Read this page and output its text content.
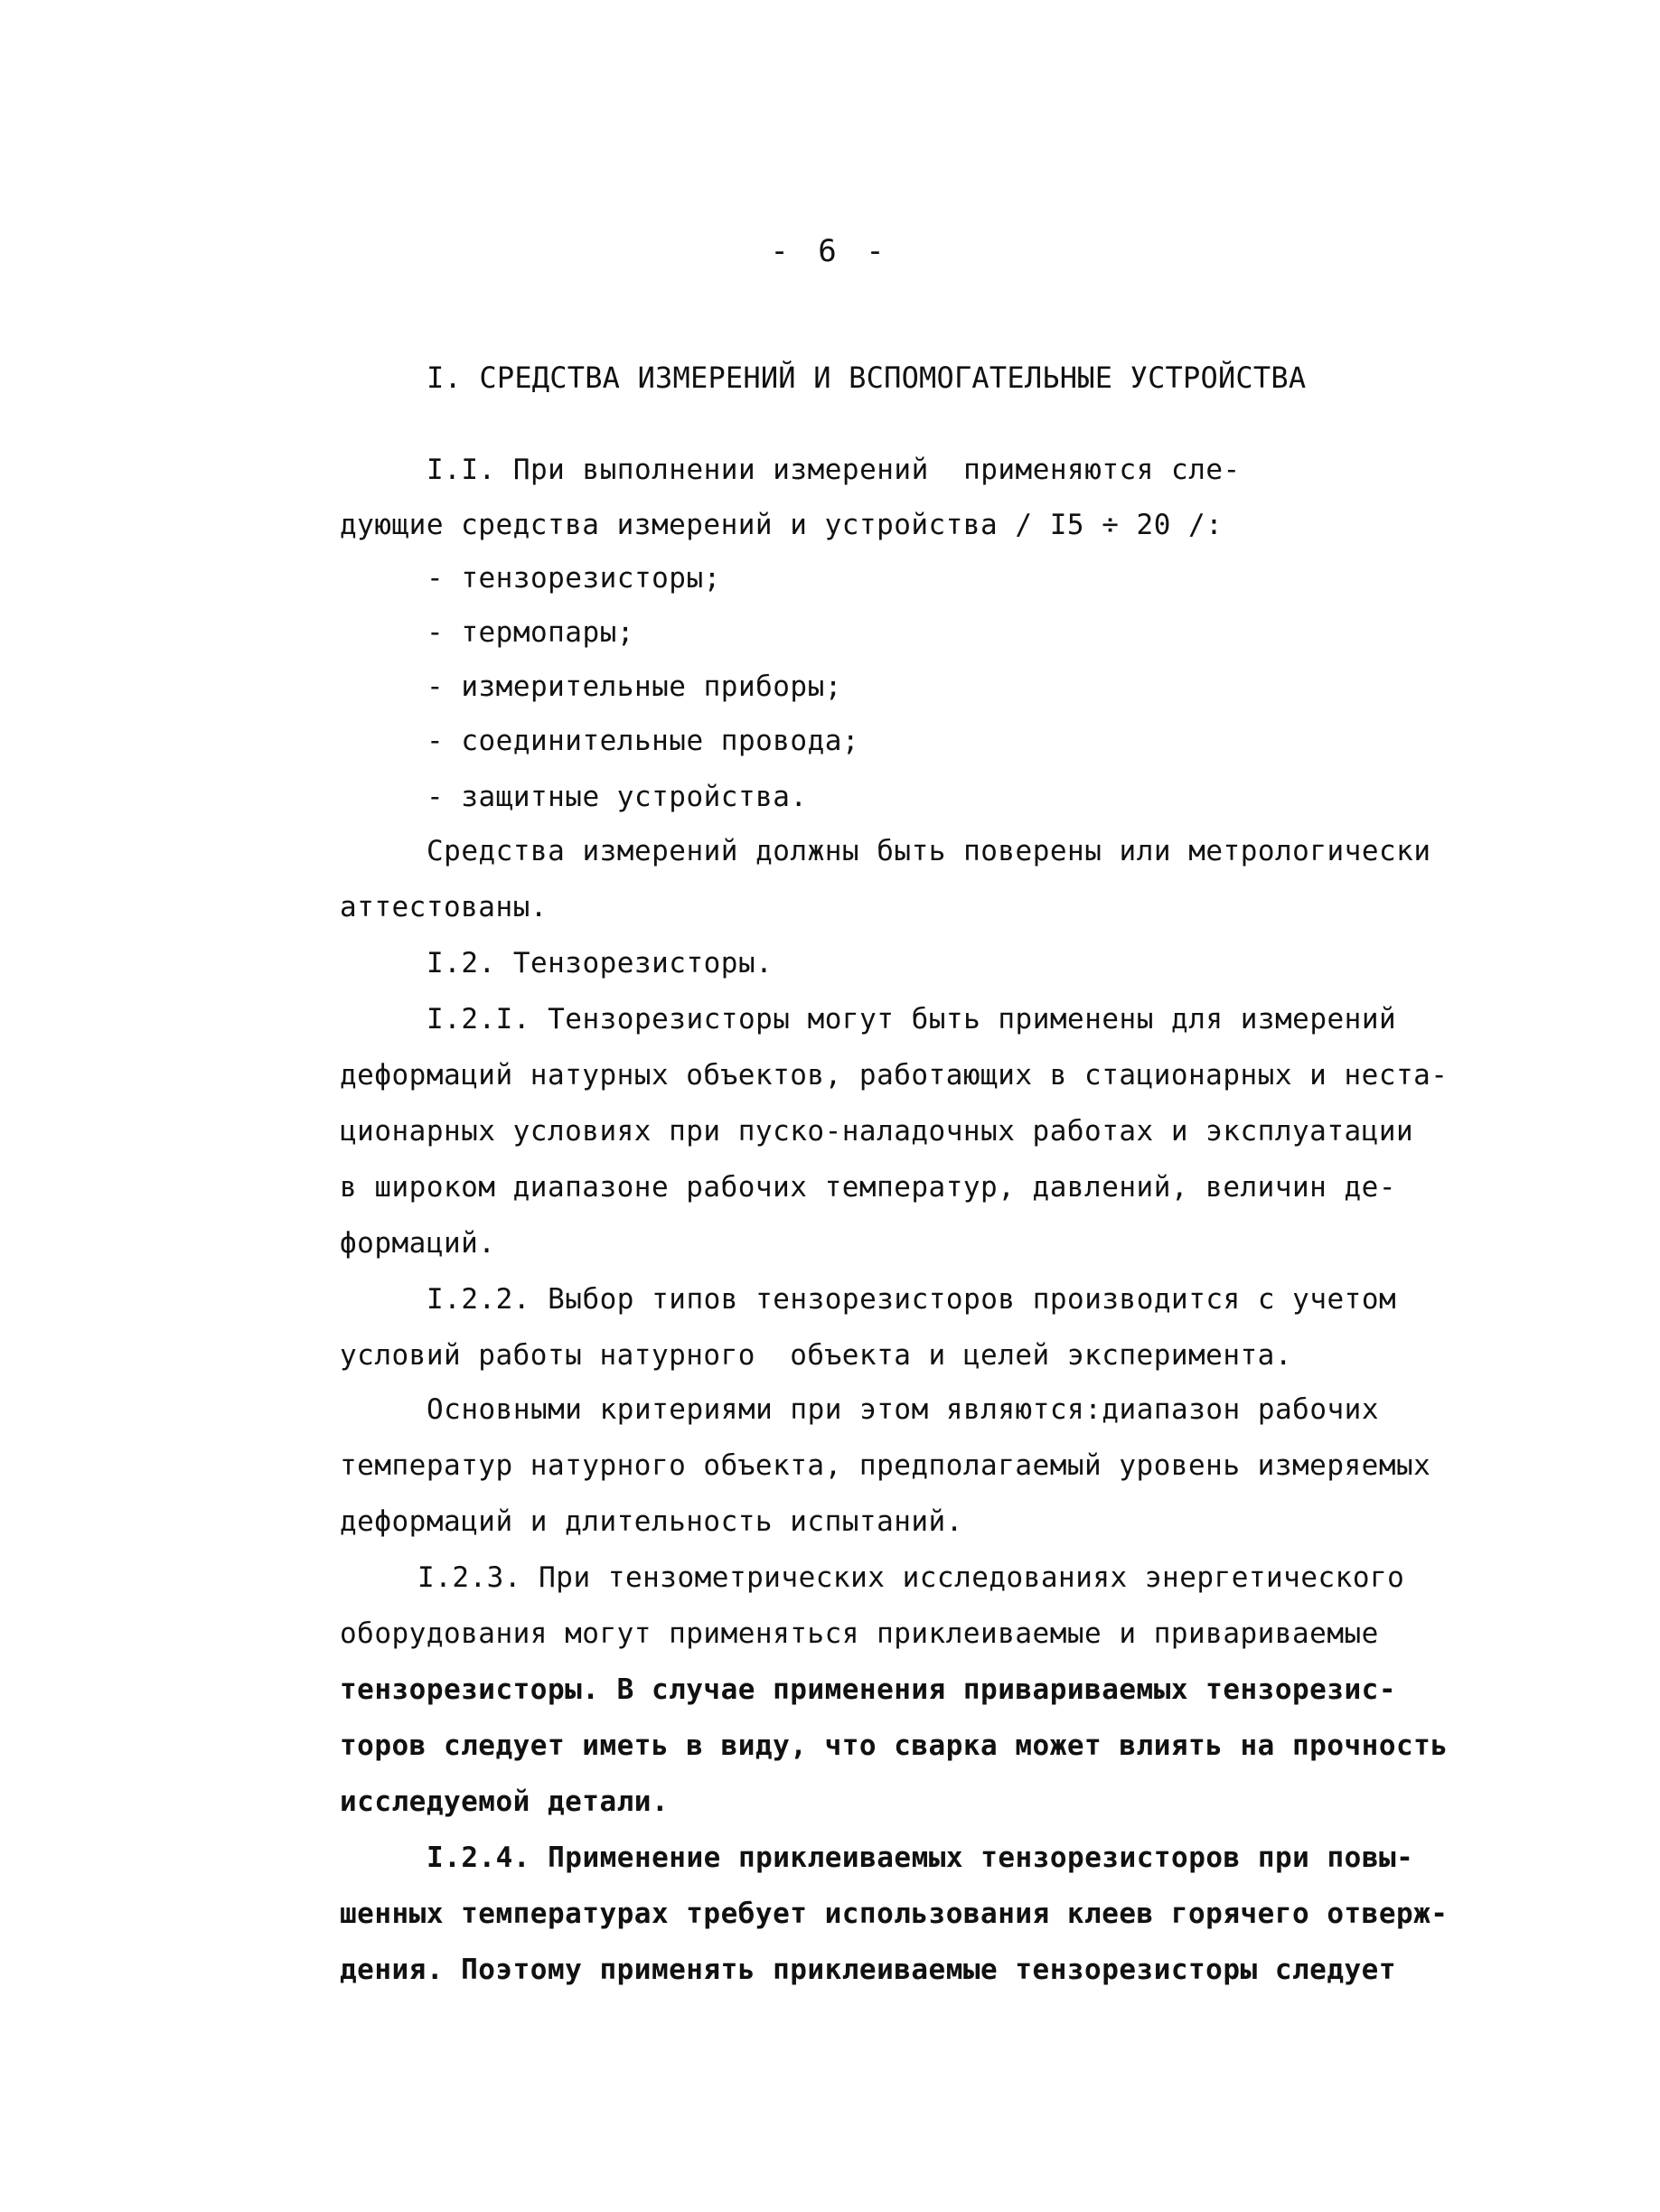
- 6 -
I. СРЕДСТВА ИЗМЕРЕНИЙ И ВСПОМОГАТЕЛЬНЫЕ УСТРОЙСТВА
I.I. При выполнении измерений  применяются сле-
дующие средства измерений и устройства / I5 ÷ 20 /:
- тензорезисторы;
- термопары;
- измерительные приборы;
- соединительные провода;
- защитные устройства.
Средства измерений должны быть поверены или метрологически
аттестованы.
I.2. Тензорезисторы.
I.2.I. Тензорезисторы могут быть применены для измерений
деформаций натурных объектов, работающих в стационарных и неста-
ционарных условиях при пуско-наладочных работах и эксплуатации
в широком диапазоне рабочих температур, давлений, величин де-
формаций.
I.2.2. Выбор типов тензорезисторов производится с учетом
условий работы натурного  объекта и целей эксперимента.
Основными критериями при этом являются:диапазон рабочих
температур натурного объекта, предполагаемый уровень измеряемых
деформаций и длительность испытаний.
I.2.3. При тензометрических исследованиях энергетического
оборудования могут применяться приклеиваемые и привариваемые
тензорезисторы. В случае применения привариваемых тензорезис-
торов следует иметь в виду, что сварка может влиять на прочность
исследуемой детали.
I.2.4. Применение приклеиваемых тензорезисторов при повы-
шенных температурах требует использования клеев горячего отверж-
дения. Поэтому применять приклеиваемые тензорезисторы следует
